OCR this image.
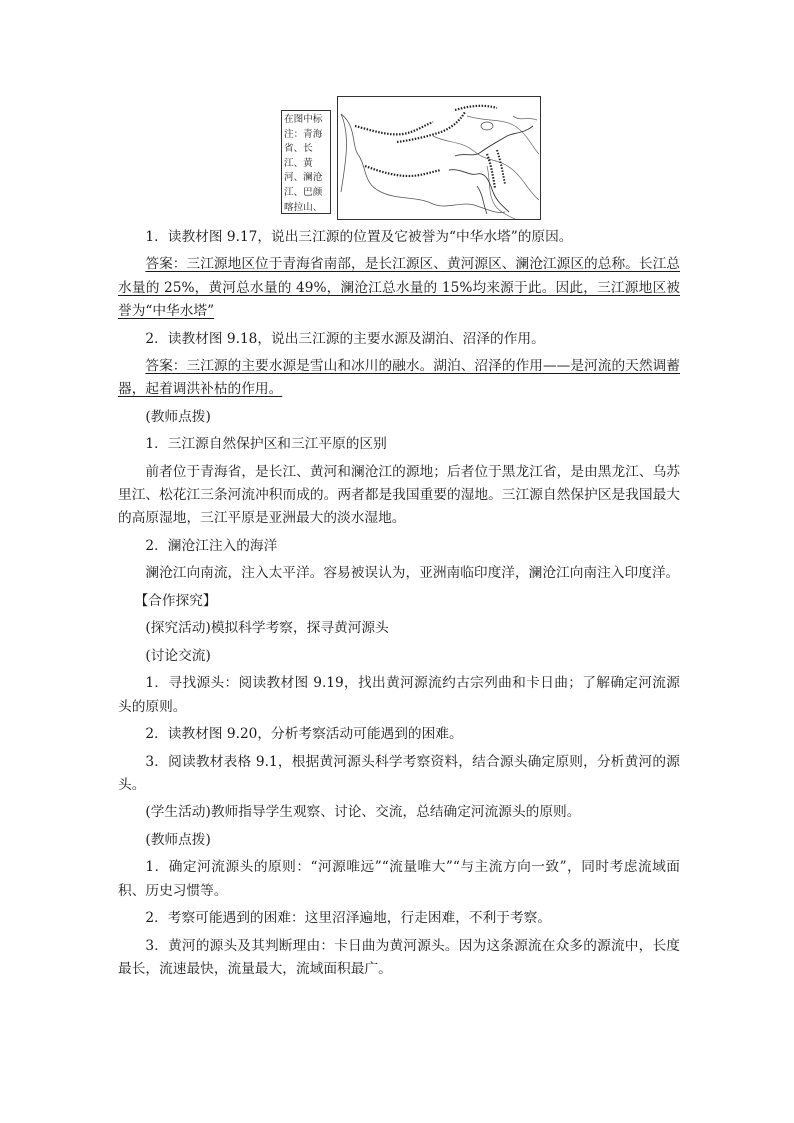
在图中标注：青海省、长江、黄河、澜沧江、巴颜喀拉山、

1．读教材图 9.17，说出三江源的位置及它被誉为“中华水塔”的原因。

答案：三江源地区位于青海省南部，是长江源区、黄河源区、澜沧江源区的总称。长江总水量的 25%，黄河总水量的 49%，澜沧江总水量的 15%均来源于此。因此，三江源地区被誉为“中华水塔”

2．读教材图 9.18，说出三江源的主要水源及湖泊、沼泽的作用。

答案：三江源的主要水源是雪山和冰川的融水。湖泊、沼泽的作用——是河流的天然调蓄器，起着调洪补枯的作用。

(教师点拨)

1．三江源自然保护区和三江平原的区别

前者位于青海省，是长江、黄河和澜沧江的源地；后者位于黑龙江省，是由黑龙江、乌苏里江、松花江三条河流冲积而成的。两者都是我国重要的湿地。三江源自然保护区是我国最大的高原湿地，三江平原是亚洲最大的淡水湿地。

2．澜沧江注入的海洋

澜沧江向南流，注入太平洋。容易被误认为，亚洲南临印度洋，澜沧江向南注入印度洋。

【合作探究】

(探究活动)模拟科学考察，探寻黄河源头

(讨论交流)

1．寻找源头：阅读教材图 9.19，找出黄河源流约古宗列曲和卡日曲；了解确定河流源头的原则。

2．读教材图 9.20，分析考察活动可能遇到的困难。

3．阅读教材表格 9.1，根据黄河源头科学考察资料，结合源头确定原则，分析黄河的源头。

(学生活动)教师指导学生观察、讨论、交流，总结确定河流源头的原则。

(教师点拨)

1．确定河流源头的原则：“河源唯远”“流量唯大”“与主流方向一致”，同时考虑流域面积、历史习惯等。

2．考察可能遇到的困难：这里沼泽遍地，行走困难，不利于考察。

3．黄河的源头及其判断理由：卡日曲为黄河源头。因为这条源流在众多的源流中，长度最长，流速最快，流量最大，流域面积最广。
